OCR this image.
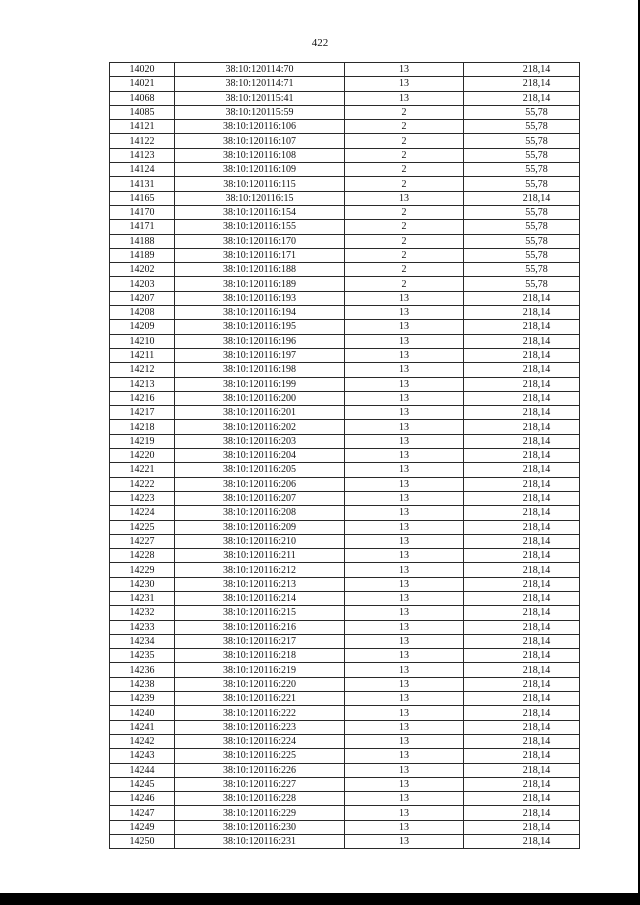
422
14020	38:10:120114:70	13	218,14
14021	38:10:120114:71	13	218,14
14068	38:10:120115:41	13	218,14
14085	38:10:120115:59	2	55,78
14121	38:10:120116:106	2	55,78
14122	38:10:120116:107	2	55,78
14123	38:10:120116:108	2	55,78
14124	38:10:120116:109	2	55,78
14131	38:10:120116:115	2	55,78
14165	38:10:120116:15	13	218,14
14170	38:10:120116:154	2	55,78
14171	38:10:120116:155	2	55,78
14188	38:10:120116:170	2	55,78
14189	38:10:120116:171	2	55,78
14202	38:10:120116:188	2	55,78
14203	38:10:120116:189	2	55,78
14207	38:10:120116:193	13	218,14
14208	38:10:120116:194	13	218,14
14209	38:10:120116:195	13	218,14
14210	38:10:120116:196	13	218,14
14211	38:10:120116:197	13	218,14
14212	38:10:120116:198	13	218,14
14213	38:10:120116:199	13	218,14
14216	38:10:120116:200	13	218,14
14217	38:10:120116:201	13	218,14
14218	38:10:120116:202	13	218,14
14219	38:10:120116:203	13	218,14
14220	38:10:120116:204	13	218,14
14221	38:10:120116:205	13	218,14
14222	38:10:120116:206	13	218,14
14223	38:10:120116:207	13	218,14
14224	38:10:120116:208	13	218,14
14225	38:10:120116:209	13	218,14
14227	38:10:120116:210	13	218,14
14228	38:10:120116:211	13	218,14
14229	38:10:120116:212	13	218,14
14230	38:10:120116:213	13	218,14
14231	38:10:120116:214	13	218,14
14232	38:10:120116:215	13	218,14
14233	38:10:120116:216	13	218,14
14234	38:10:120116:217	13	218,14
14235	38:10:120116:218	13	218,14
14236	38:10:120116:219	13	218,14
14238	38:10:120116:220	13	218,14
14239	38:10:120116:221	13	218,14
14240	38:10:120116:222	13	218,14
14241	38:10:120116:223	13	218,14
14242	38:10:120116:224	13	218,14
14243	38:10:120116:225	13	218,14
14244	38:10:120116:226	13	218,14
14245	38:10:120116:227	13	218,14
14246	38:10:120116:228	13	218,14
14247	38:10:120116:229	13	218,14
14249	38:10:120116:230	13	218,14
14250	38:10:120116:231	13	218,14
